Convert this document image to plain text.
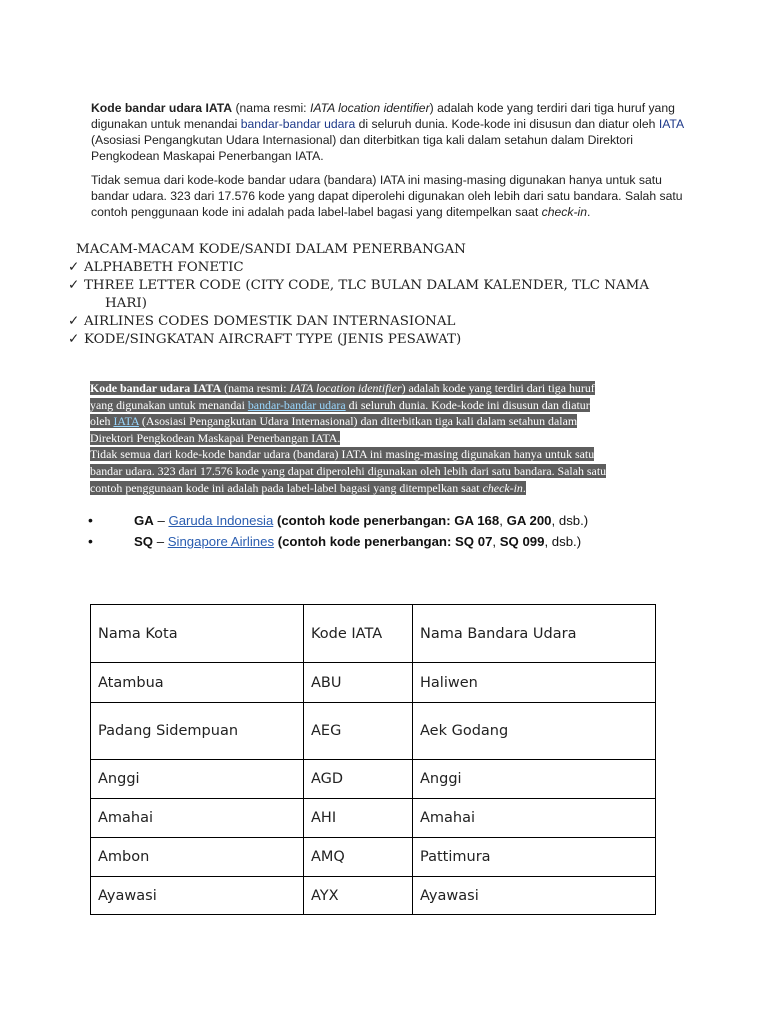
Kode bandar udara IATA (nama resmi: IATA location identifier) adalah kode yang terdiri dari tiga huruf yang digunakan untuk menandai bandar-bandar udara di seluruh dunia. Kode-kode ini disusun dan diatur oleh IATA (Asosiasi Pengangkutan Udara Internasional) dan diterbitkan tiga kali dalam setahun dalam Direktori Pengkodean Maskapai Penerbangan IATA.
Tidak semua dari kode-kode bandar udara (bandara) IATA ini masing-masing digunakan hanya untuk satu bandar udara. 323 dari 17.576 kode yang dapat diperolehi digunakan oleh lebih dari satu bandara. Salah satu contoh penggunaan kode ini adalah pada label-label bagasi yang ditempelkan saat check-in.
MACAM-MACAM KODE/SANDI DALAM PENERBANGAN
✓ ALPHABETH FONETIC
✓ THREE LETTER CODE (CITY CODE, TLC BULAN DALAM KALENDER, TLC NAMA
HARI)
✓ AIRLINES CODES DOMESTIK DAN INTERNASIONAL
✓ KODE/SINGKATAN AIRCRAFT TYPE (JENIS PESAWAT)
Kode bandar udara IATA (nama resmi: IATA location identifier) adalah kode yang terdiri dari tiga huruf
yang digunakan untuk menandai bandar-bandar udara di seluruh dunia. Kode-kode ini disusun dan diatur
oleh IATA (Asosiasi Pengangkutan Udara Internasional) dan diterbitkan tiga kali dalam setahun dalam
Direktori Pengkodean Maskapai Penerbangan IATA.
Tidak semua dari kode-kode bandar udara (bandara) IATA ini masing-masing digunakan hanya untuk satu
bandar udara. 323 dari 17.576 kode yang dapat diperolehi digunakan oleh lebih dari satu bandara. Salah satu
contoh penggunaan kode ini adalah pada label-label bagasi yang ditempelkan saat check-in.
•	GA – Garuda Indonesia (contoh kode penerbangan: GA 168, GA 200, dsb.)
•	SQ – Singapore Airlines (contoh kode penerbangan: SQ 07, SQ 099, dsb.)
Nama Kota	Kode IATA	Nama Bandara Udara
Atambua	ABU	Haliwen
Padang Sidempuan	AEG	Aek Godang
Anggi	AGD	Anggi
Amahai	AHI	Amahai
Ambon	AMQ	Pattimura
Ayawasi	AYX	Ayawasi
